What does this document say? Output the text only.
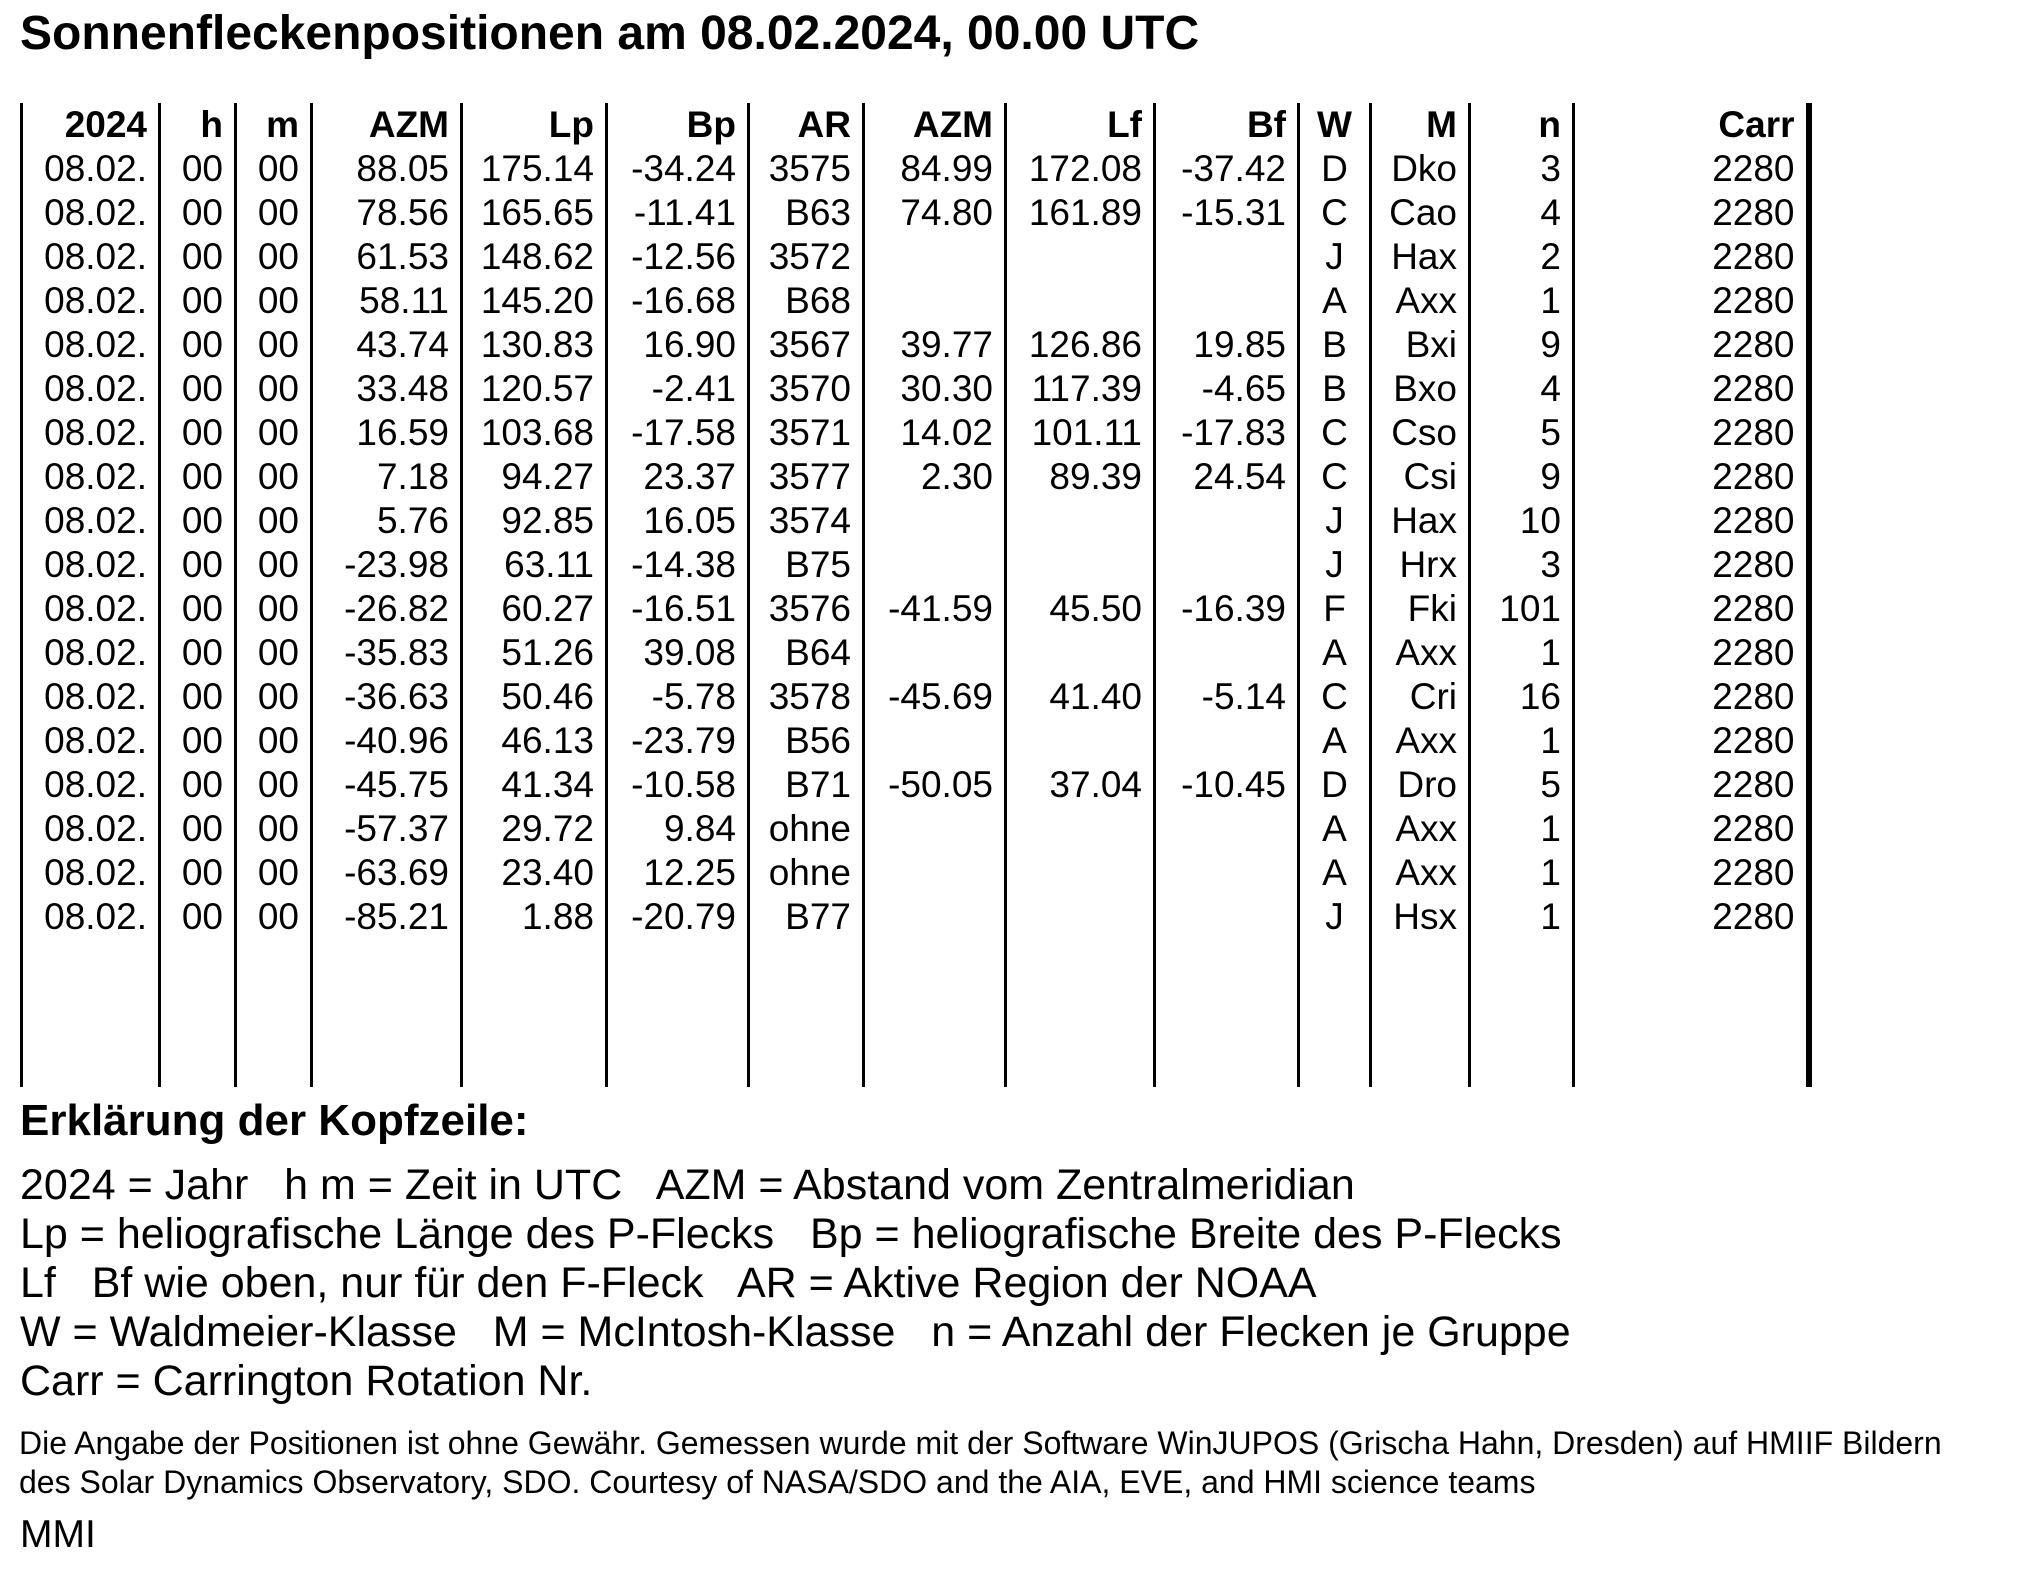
Sonnenfleckenpositionen am 08.02.2024, 00.00 UTC
2024	h	m	AZM	Lp	Bp	AR	AZM	Lf	Bf	W	M	n	Carr
08.02.	00	00	88.05	175.14	-34.24	3575	84.99	172.08	-37.42	D	Dko	3	2280
08.02.	00	00	78.56	165.65	-11.41	B63	74.80	161.89	-15.31	C	Cao	4	2280
08.02.	00	00	61.53	148.62	-12.56	3572				J	Hax	2	2280
08.02.	00	00	58.11	145.20	-16.68	B68				A	Axx	1	2280
08.02.	00	00	43.74	130.83	16.90	3567	39.77	126.86	19.85	B	Bxi	9	2280
08.02.	00	00	33.48	120.57	-2.41	3570	30.30	117.39	-4.65	B	Bxo	4	2280
08.02.	00	00	16.59	103.68	-17.58	3571	14.02	101.11	-17.83	C	Cso	5	2280
08.02.	00	00	7.18	94.27	23.37	3577	2.30	89.39	24.54	C	Csi	9	2280
08.02.	00	00	5.76	92.85	16.05	3574				J	Hax	10	2280
08.02.	00	00	-23.98	63.11	-14.38	B75				J	Hrx	3	2280
08.02.	00	00	-26.82	60.27	-16.51	3576	-41.59	45.50	-16.39	F	Fki	101	2280
08.02.	00	00	-35.83	51.26	39.08	B64				A	Axx	1	2280
08.02.	00	00	-36.63	50.46	-5.78	3578	-45.69	41.40	-5.14	C	Cri	16	2280
08.02.	00	00	-40.96	46.13	-23.79	B56				A	Axx	1	2280
08.02.	00	00	-45.75	41.34	-10.58	B71	-50.05	37.04	-10.45	D	Dro	5	2280
08.02.	00	00	-57.37	29.72	9.84	ohne				A	Axx	1	2280
08.02.	00	00	-63.69	23.40	12.25	ohne				A	Axx	1	2280
08.02.	00	00	-85.21	1.88	-20.79	B77				J	Hsx	1	2280

Erklärung der Kopfzeile:
2024 = Jahr   h m = Zeit in UTC   AZM = Abstand vom Zentralmeridian
Lp = heliografische Länge des P-Flecks   Bp = heliografische Breite des P-Flecks
Lf   Bf wie oben, nur für den F-Fleck   AR = Aktive Region der NOAA
W = Waldmeier-Klasse   M = McIntosh-Klasse   n = Anzahl der Flecken je Gruppe
Carr = Carrington Rotation Nr.
Die Angabe der Positionen ist ohne Gewähr. Gemessen wurde mit der Software WinJUPOS (Grischa Hahn, Dresden) auf HMIIF Bildern
des Solar Dynamics Observatory, SDO. Courtesy of NASA/SDO and the AIA, EVE, and HMI science teams
MMI
